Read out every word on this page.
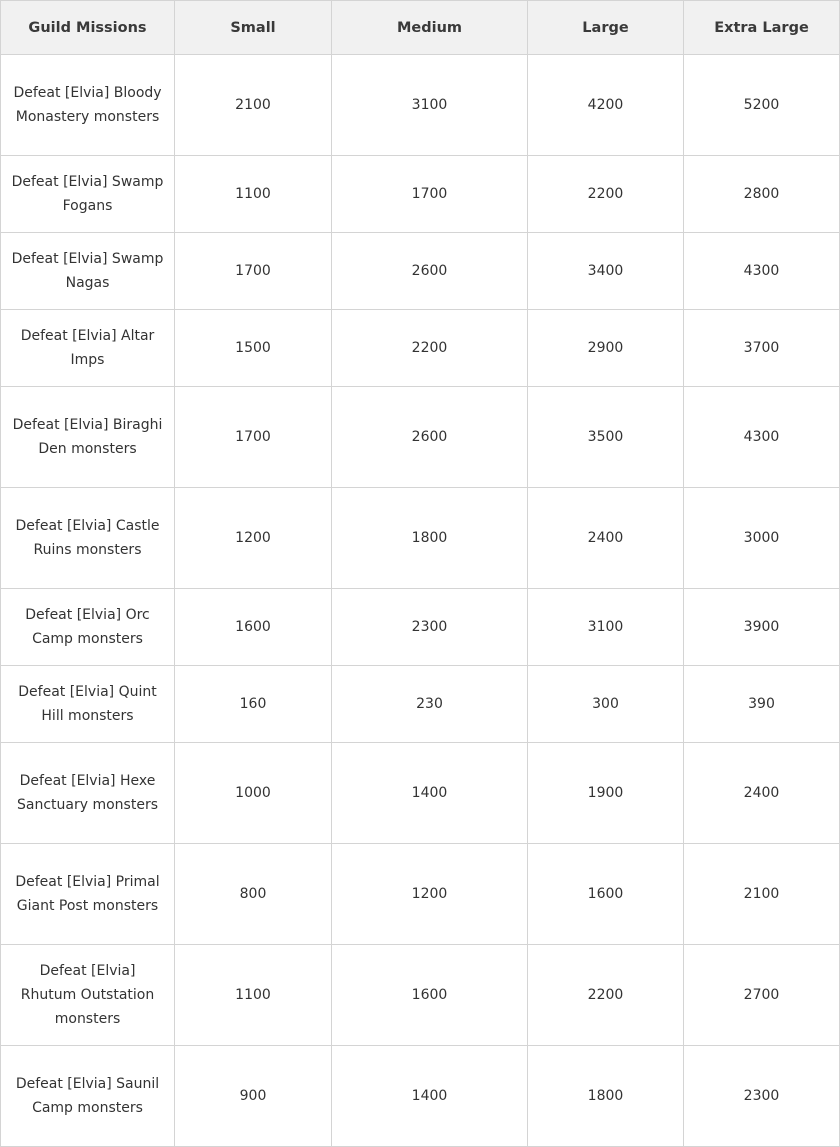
Guild Missions	Small	Medium	Large	Extra Large
Defeat [Elvia] Bloody Monastery monsters	2100	3100	4200	5200
Defeat [Elvia] Swamp Fogans	1100	1700	2200	2800
Defeat [Elvia] Swamp Nagas	1700	2600	3400	4300
Defeat [Elvia] Altar Imps	1500	2200	2900	3700
Defeat [Elvia] Biraghi Den monsters	1700	2600	3500	4300
Defeat [Elvia] Castle Ruins monsters	1200	1800	2400	3000
Defeat [Elvia] Orc Camp monsters	1600	2300	3100	3900
Defeat [Elvia] Quint Hill monsters	160	230	300	390
Defeat [Elvia] Hexe Sanctuary monsters	1000	1400	1900	2400
Defeat [Elvia] Primal Giant Post monsters	800	1200	1600	2100
Defeat [Elvia] Rhutum Outstation monsters	1100	1600	2200	2700
Defeat [Elvia] Saunil Camp monsters	900	1400	1800	2300
